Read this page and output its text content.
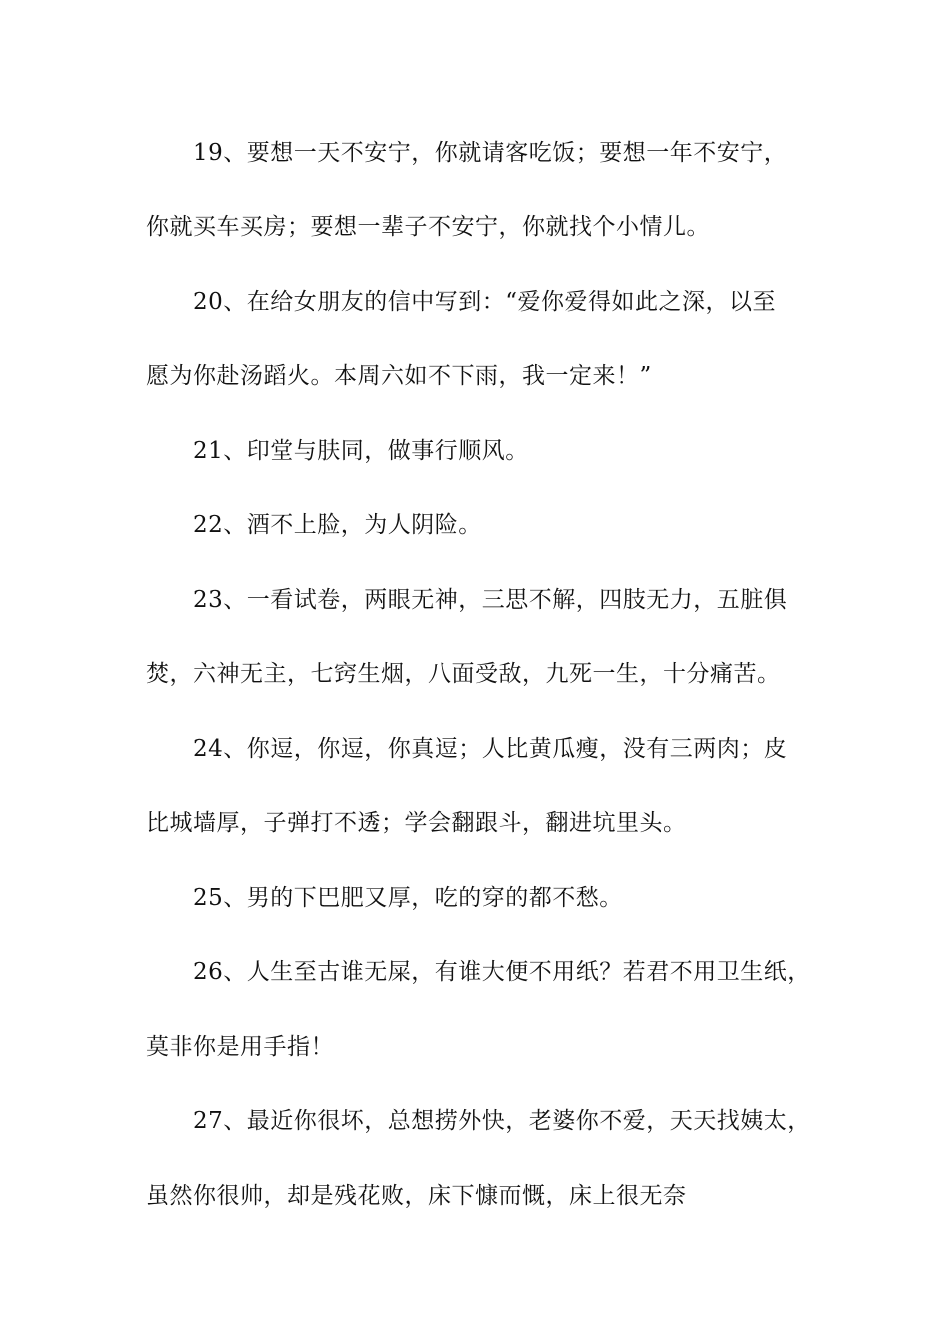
19、要想一天不安宁，你就请客吃饭；要想一年不安宁，
你就买车买房；要想一辈子不安宁，你就找个小情儿。
20、在给女朋友的信中写到：“爱你爱得如此之深，以至
愿为你赴汤蹈火。本周六如不下雨，我一定来！”
21、印堂与肤同，做事行顺风。
22、酒不上脸，为人阴险。
23、一看试卷，两眼无神，三思不解，四肢无力，五脏俱
焚，六神无主，七窍生烟，八面受敌，九死一生，十分痛苦。
24、你逗，你逗，你真逗；人比黄瓜瘦，没有三两肉；皮
比城墙厚，子弹打不透；学会翻跟斗，翻进坑里头。
25、男的下巴肥又厚，吃的穿的都不愁。
26、人生至古谁无屎，有谁大便不用纸？若君不用卫生纸，
莫非你是用手指！
27、最近你很坏，总想捞外快，老婆你不爱，天天找姨太，
虽然你很帅，却是残花败，床下慷而慨，床上很无奈
